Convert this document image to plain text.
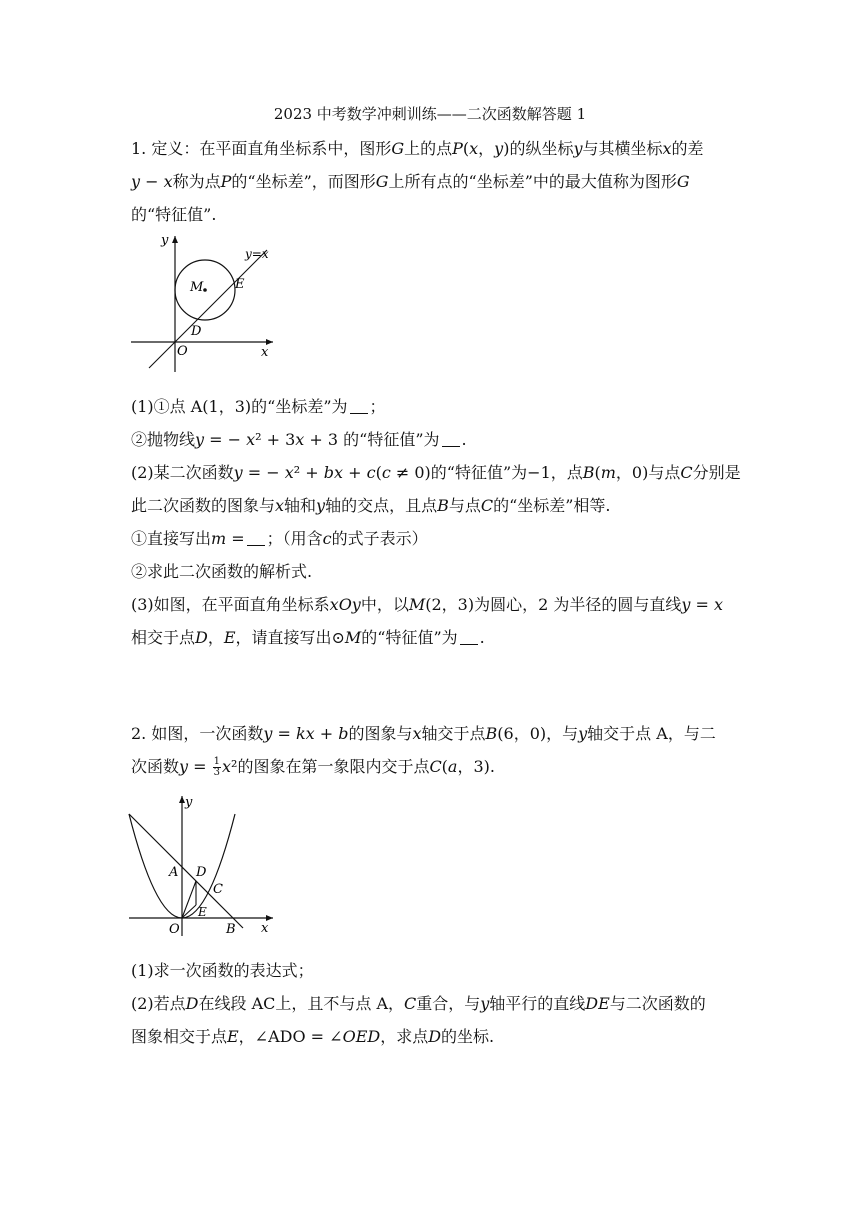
2023 中考数学冲刺训练——二次函数解答题 1
1. 定义：在平面直角坐标系中，图形𝐺上的点𝑃(𝑥，𝑦)的纵坐标𝑦与其横坐标𝑥的差
𝑦 − 𝑥称为点𝑃的“坐标差”，而图形𝐺上所有点的“坐标差”中的最大值称为图形𝐺
的“特征值”.
y
y=x
M E
D
O	x
(1)①点 A(1，3)的“坐标差”为 ；
②抛物线𝑦 = − 𝑥² + 3𝑥 + 3 的“特征值”为 .
(2)某二次函数𝑦 = − 𝑥² + 𝑏𝑥 + 𝑐(𝑐 ≠ 0)的“特征值”为−1，点𝐵(𝑚，0)与点𝐶分别是
此二次函数的图象与𝑥轴和𝑦轴的交点，且点𝐵与点𝐶的“坐标差”相等.
①直接写出𝑚 = ；（用含𝑐的式子表示）
②求此二次函数的解析式.
(3)如图，在平面直角坐标系𝑥𝑂𝑦中，以𝑀(2，3)为圆心，2 为半径的圆与直线𝑦 = 𝑥
相交于点𝐷，𝐸，请直接写出⊙𝑀的“特征值”为 .
2. 如图，一次函数𝑦 = 𝑘𝑥 + 𝑏的图象与𝑥轴交于点𝐵(6，0)，与𝑦轴交于点 A，与二
次函数𝑦 = $\frac{1}{3}$ 𝑥²的图象在第一象限内交于点𝐶(𝑎，3).
y
A D
C
E
O	B x
(1)求一次函数的表达式；
(2)若点𝐷在线段 AC上，且不与点 A，𝐶重合，与𝑦轴平行的直线𝐷𝐸与二次函数的
图象相交于点𝐸，∠ADO = ∠𝑂𝐸𝐷，求点𝐷的坐标.
